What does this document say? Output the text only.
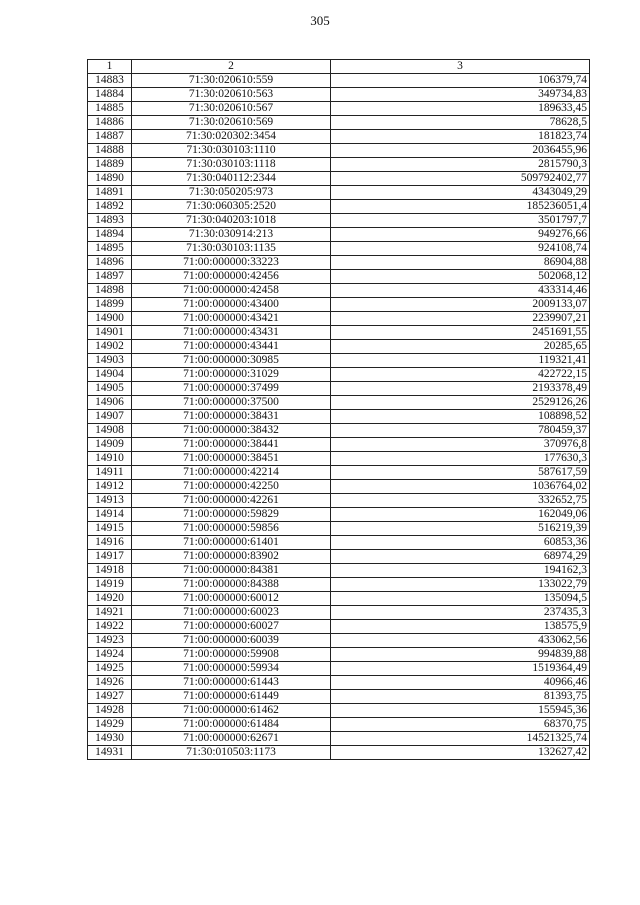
305
1	2	3
14883	71:30:020610:559	106379,74
14884	71:30:020610:563	349734,83
14885	71:30:020610:567	189633,45
14886	71:30:020610:569	78628,5
14887	71:30:020302:3454	181823,74
14888	71:30:030103:1110	2036455,96
14889	71:30:030103:1118	2815790,3
14890	71:30:040112:2344	509792402,77
14891	71:30:050205:973	4343049,29
14892	71:30:060305:2520	185236051,4
14893	71:30:040203:1018	3501797,7
14894	71:30:030914:213	949276,66
14895	71:30:030103:1135	924108,74
14896	71:00:000000:33223	86904,88
14897	71:00:000000:42456	502068,12
14898	71:00:000000:42458	433314,46
14899	71:00:000000:43400	2009133,07
14900	71:00:000000:43421	2239907,21
14901	71:00:000000:43431	2451691,55
14902	71:00:000000:43441	20285,65
14903	71:00:000000:30985	119321,41
14904	71:00:000000:31029	422722,15
14905	71:00:000000:37499	2193378,49
14906	71:00:000000:37500	2529126,26
14907	71:00:000000:38431	108898,52
14908	71:00:000000:38432	780459,37
14909	71:00:000000:38441	370976,8
14910	71:00:000000:38451	177630,3
14911	71:00:000000:42214	587617,59
14912	71:00:000000:42250	1036764,02
14913	71:00:000000:42261	332652,75
14914	71:00:000000:59829	162049,06
14915	71:00:000000:59856	516219,39
14916	71:00:000000:61401	60853,36
14917	71:00:000000:83902	68974,29
14918	71:00:000000:84381	194162,3
14919	71:00:000000:84388	133022,79
14920	71:00:000000:60012	135094,5
14921	71:00:000000:60023	237435,3
14922	71:00:000000:60027	138575,9
14923	71:00:000000:60039	433062,56
14924	71:00:000000:59908	994839,88
14925	71:00:000000:59934	1519364,49
14926	71:00:000000:61443	40966,46
14927	71:00:000000:61449	81393,75
14928	71:00:000000:61462	155945,36
14929	71:00:000000:61484	68370,75
14930	71:00:000000:62671	14521325,74
14931	71:30:010503:1173	132627,42
